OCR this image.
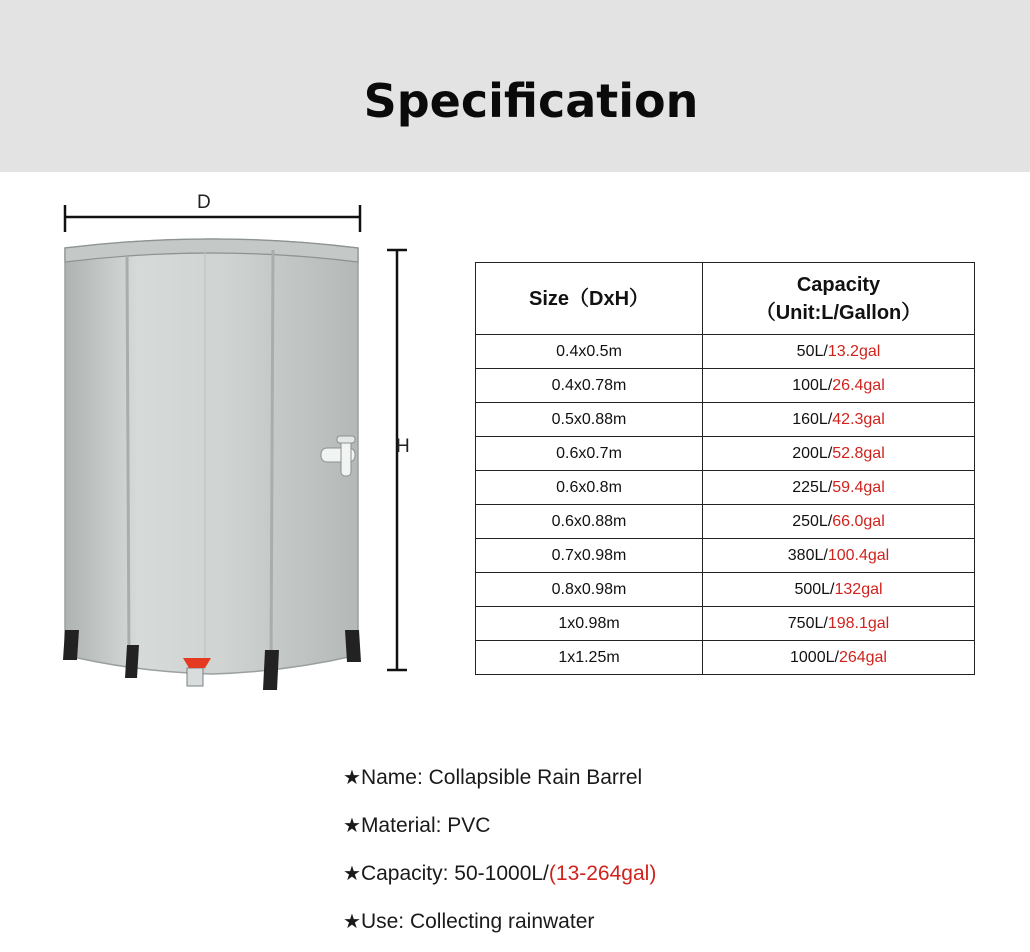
Specification
D
H
Size（DxH）	Capacity
（Unit:L/Gallon）

0.4x0.5m	50L/13.2gal
0.4x0.78m	100L/26.4gal
0.5x0.88m	160L/42.3gal
0.6x0.7m	200L/52.8gal
0.6x0.8m	225L/59.4gal
0.6x0.88m	250L/66.0gal
0.7x0.98m	380L/100.4gal
0.8x0.98m	500L/132gal
1x0.98m	750L/198.1gal
1x1.25m	1000L/264gal
★Name: Collapsible Rain Barrel
★Material: PVC
★Capacity: 50-1000L/(13-264gal)
★Use: Collecting rainwater
